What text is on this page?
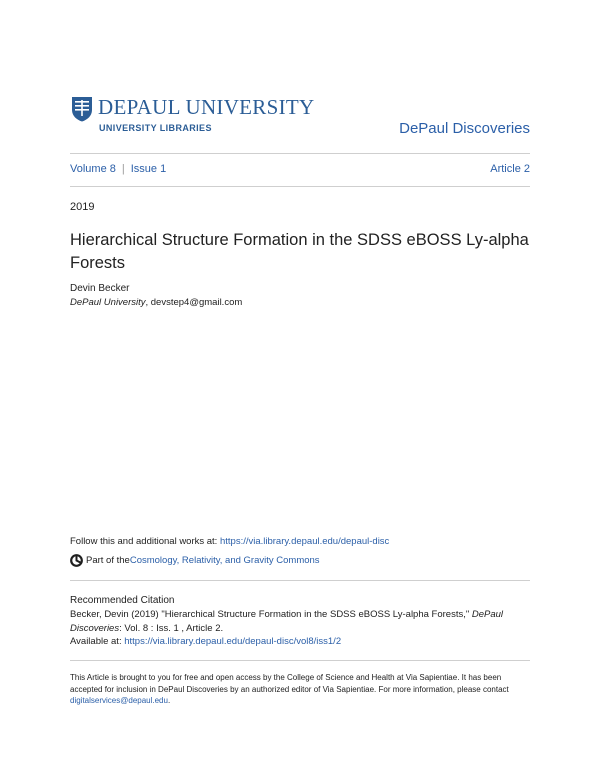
DEPAUL UNIVERSITY
UNIVERSITY LIBRARIES	DePaul Discoveries
Volume 8 | Issue 1	Article 2
2019
Hierarchical Structure Formation in the SDSS eBOSS Ly-alpha Forests
Devin Becker
DePaul University, devstep4@gmail.com
Follow this and additional works at: https://via.library.depaul.edu/depaul-disc
Part of the Cosmology, Relativity, and Gravity Commons
Recommended Citation
Becker, Devin (2019) "Hierarchical Structure Formation in the SDSS eBOSS Ly-alpha Forests," DePaul Discoveries: Vol. 8 : Iss. 1 , Article 2.
Available at: https://via.library.depaul.edu/depaul-disc/vol8/iss1/2
This Article is brought to you for free and open access by the College of Science and Health at Via Sapientiae. It has been accepted for inclusion in DePaul Discoveries by an authorized editor of Via Sapientiae. For more information, please contact digitalservices@depaul.edu.
